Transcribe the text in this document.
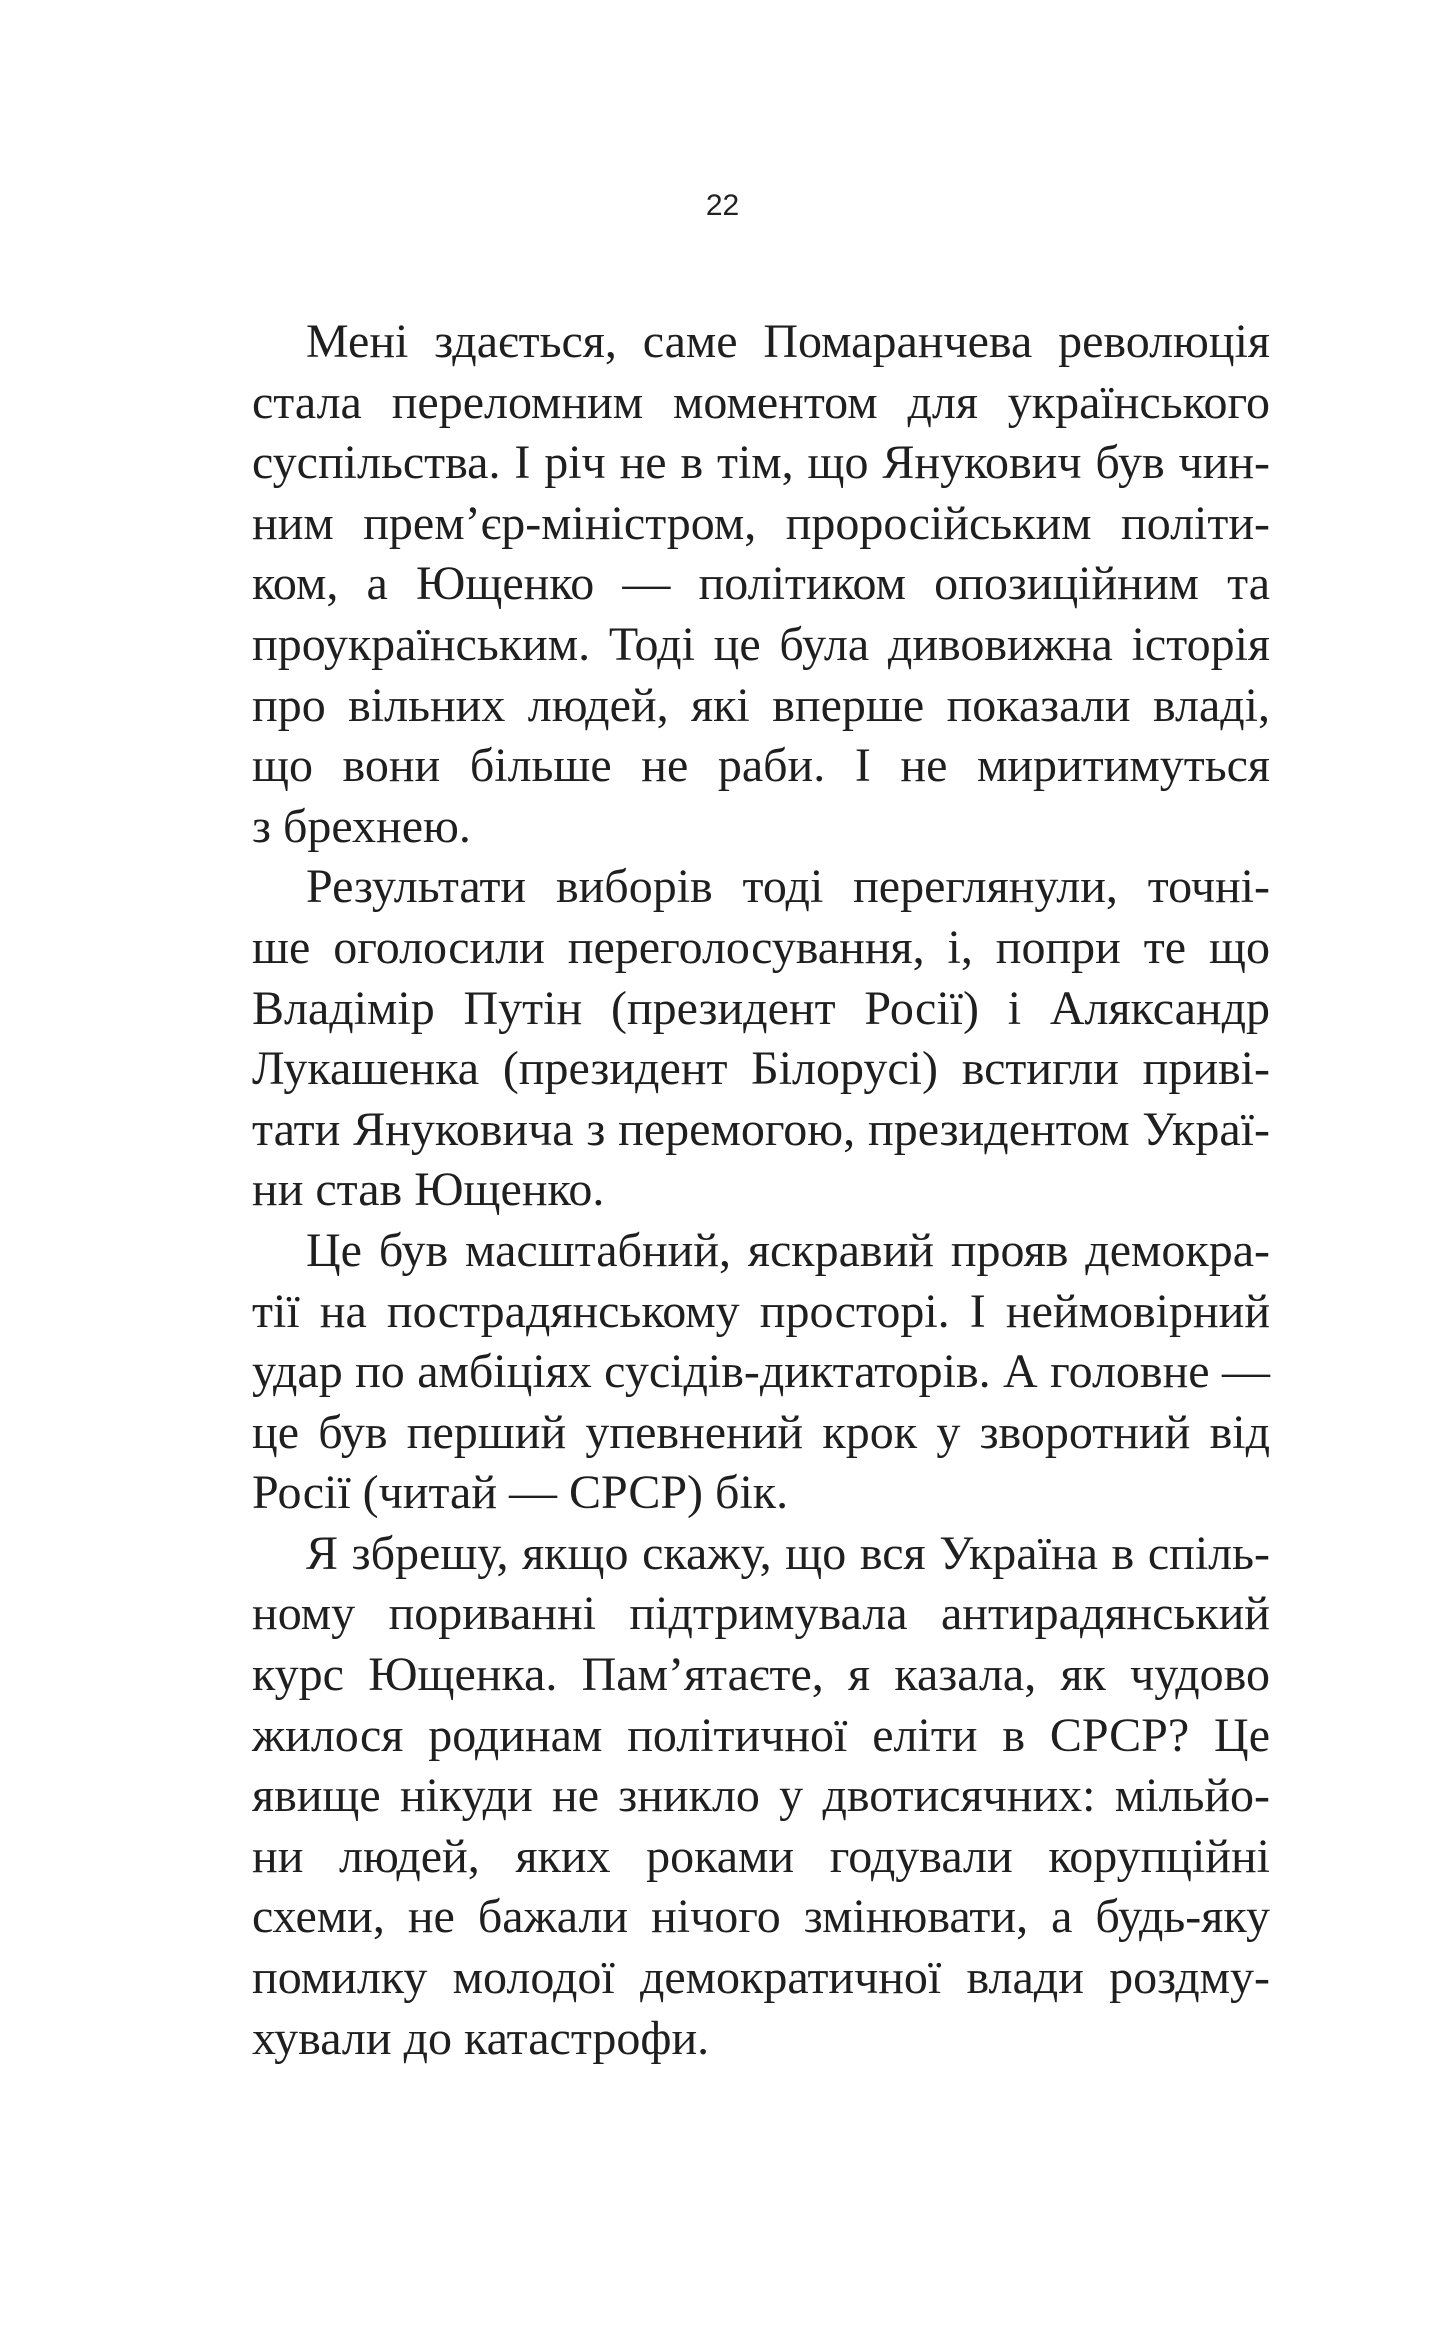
22
Мені здається, саме Помаранчева революція
стала переломним моментом для українського
суспільства. І річ не в тім, що Янукович був чин-
ним прем’єр-міністром, проросійським політи-
ком, а Ющенко — політиком опозиційним та
проукраїнським. Тоді це була дивовижна історія
про вільних людей, які вперше показали владі,
що вони більше не раби. І не миритимуться
з брехнею.
Результати виборів тоді переглянули, точні-
ше оголосили переголосування, і, попри те що
Владімір Путін (президент Росії) і Аляксандр
Лукашенка (президент Білорусі) встигли приві-
тати Януковича з перемогою, президентом Украї-
ни став Ющенко.
Це був масштабний, яскравий прояв демокра-
тії на пострадянському просторі. І неймовірний
удар по амбіціях сусідів-диктаторів. А головне —
це був перший упевнений крок у зворотний від
Росії (читай — СРСР) бік.
Я збрешу, якщо скажу, що вся Україна в спіль-
ному пориванні підтримувала антирадянський
курс Ющенка. Пам’ятаєте, я казала, як чудово
жилося родинам політичної еліти в СРСР? Це
явище нікуди не зникло у двотисячних: мільйо-
ни людей, яких роками годували корупційні
схеми, не бажали нічого змінювати, а будь-яку
помилку молодої демократичної влади роздму-
хували до катастрофи.
